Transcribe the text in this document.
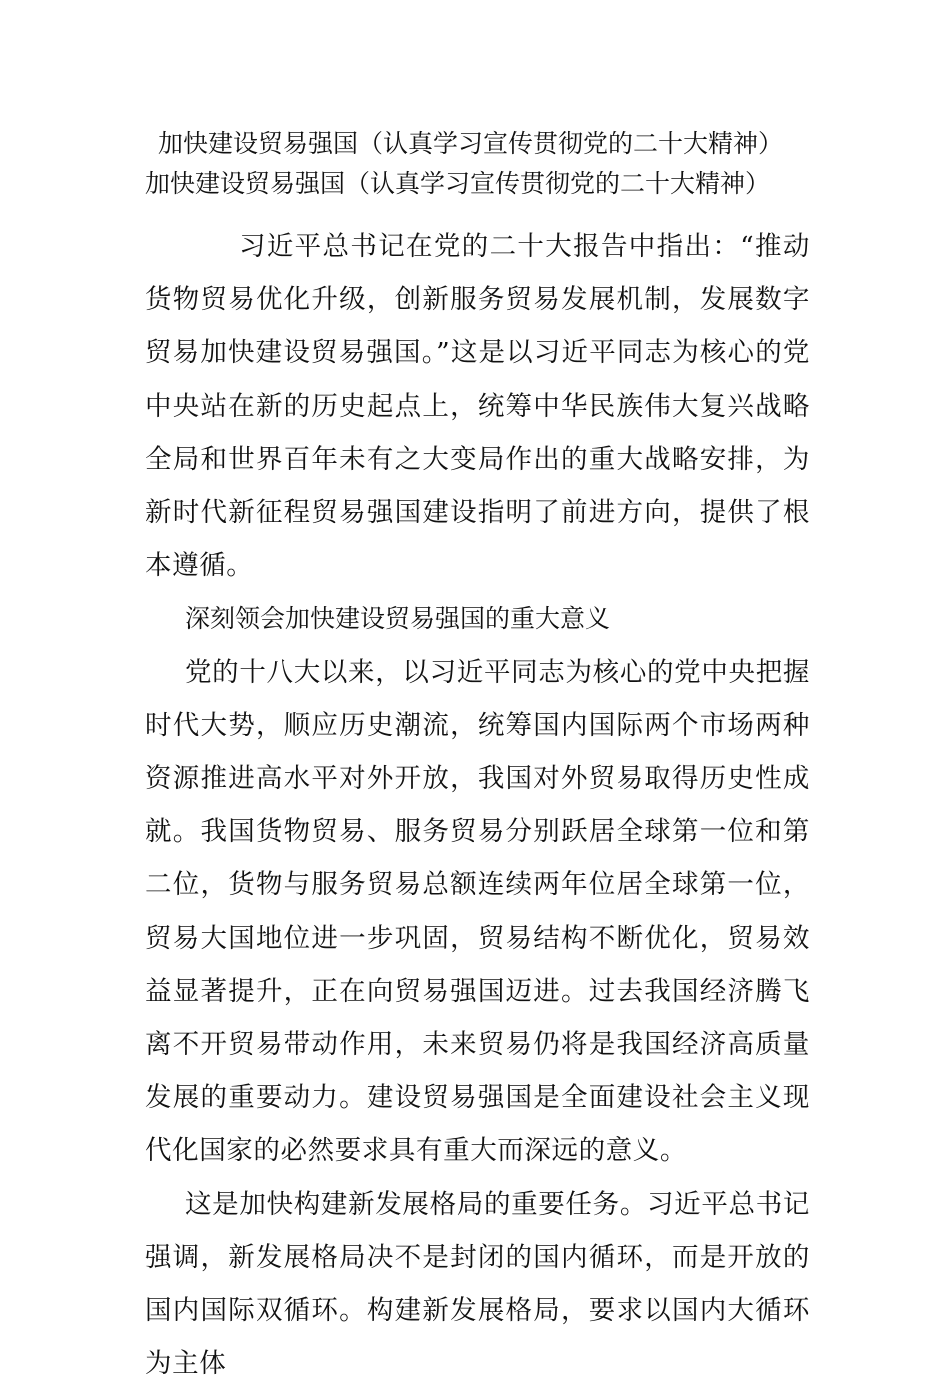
加快建设贸易强国（认真学习宣传贯彻党的二十大精神）
加快建设贸易强国（认真学习宣传贯彻党的二十大精神）

习近平总书记在党的二十大报告中指出：“推动货物贸易优化升级，创新服务贸易发展机制，发展数字贸易加快建设贸易强国。”这是以习近平同志为核心的党中央站在新的历史起点上，统筹中华民族伟大复兴战略全局和世界百年未有之大变局作出的重大战略安排，为新时代新征程贸易强国建设指明了前进方向，提供了根本遵循。

深刻领会加快建设贸易强国的重大意义

党的十八大以来，以习近平同志为核心的党中央把握时代大势，顺应历史潮流，统筹国内国际两个市场两种资源推进高水平对外开放，我国对外贸易取得历史性成就。我国货物贸易、服务贸易分别跃居全球第一位和第二位，货物与服务贸易总额连续两年位居全球第一位，贸易大国地位进一步巩固，贸易结构不断优化，贸易效益显著提升，正在向贸易强国迈进。过去我国经济腾飞离不开贸易带动作用，未来贸易仍将是我国经济高质量发展的重要动力。建设贸易强国是全面建设社会主义现代化国家的必然要求具有重大而深远的意义。

这是加快构建新发展格局的重要任务。习近平总书记强调，新发展格局决不是封闭的国内循环，而是开放的国内国际双循环。构建新发展格局，要求以国内大循环为主体
